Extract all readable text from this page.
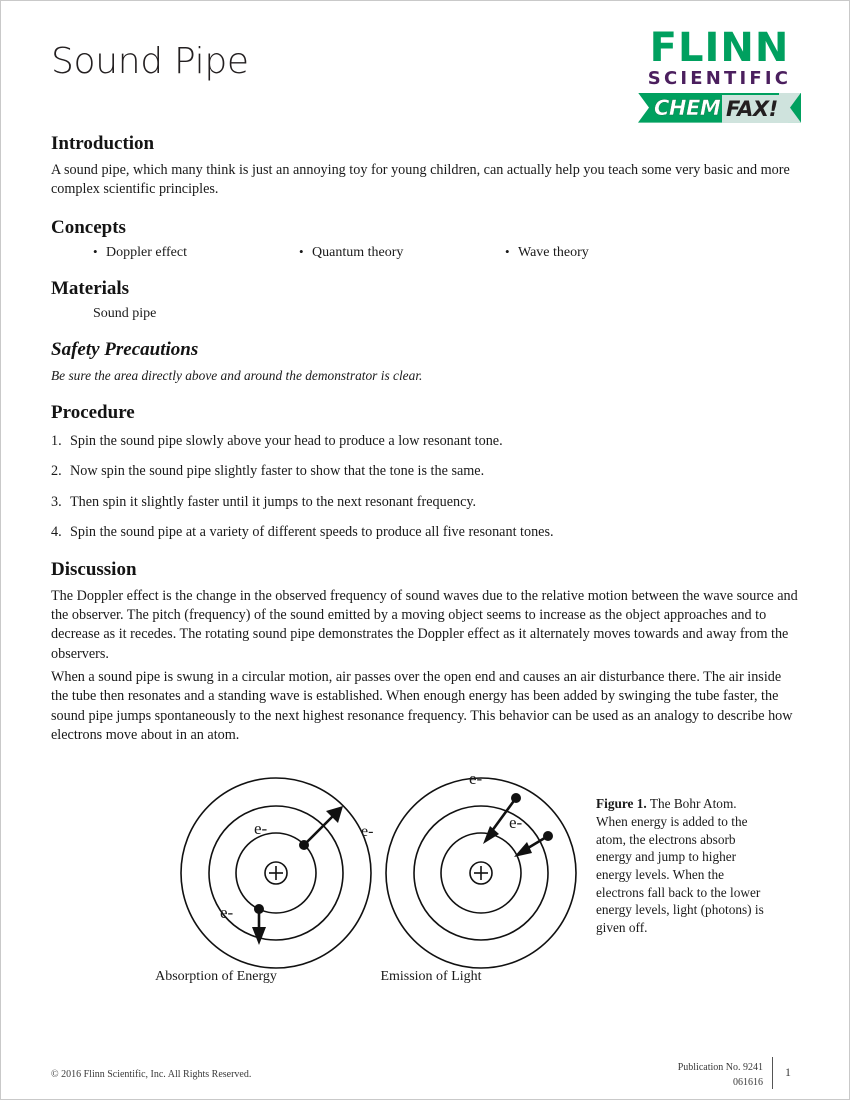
Sound Pipe	FLINN
SCIENTIFIC
CHEM FAX!
Introduction

A sound pipe, which many think is just an annoying toy for young children, can actually help you teach some very basic and more complex scientific principles.

Concepts
• Doppler effect	• Quantum theory	• Wave theory
Materials
Sound pipe
Safety Precautions

Be sure the area directly above and around the demonstrator is clear.

Procedure
1. Spin the sound pipe slowly above your head to produce a low resonant tone.
2. Now spin the sound pipe slightly faster to show that the tone is the same.
3. Then spin it slightly faster until it jumps to the next resonant frequency.
4. Spin the sound pipe at a variety of different speeds to produce all five resonant tones.
Discussion

The Doppler effect is the change in the observed frequency of sound waves due to the relative motion between the wave source and the observer. The pitch (frequency) of the sound emitted by a moving object seems to increase as the object approaches and to decrease as it recedes. The rotating sound pipe demonstrates the Doppler effect as it alternately moves towards and away from the observers.

When a sound pipe is swung in a circular motion, air passes over the open end and causes an air disturbance there. The air inside the tube then resonates and a standing wave is established. When enough energy has been added by swinging the tube faster, the sound pipe jumps spontaneously to the next highest resonance frequency. This behavior can be used as an analogy to describe how electrons move about in an atom.

e-
Absorption of Energy	Emission of Light
Figure 1. The Bohr Atom. When energy is added to the atom, the electrons absorb energy and jump to higher energy levels. When the electrons fall back to the lower energy levels, light (photons) is given off.
e-
e-
e-
e-
© 2016 Flinn Scientific, Inc. All Rights Reserved.
Publication No. 9241
061616
1
